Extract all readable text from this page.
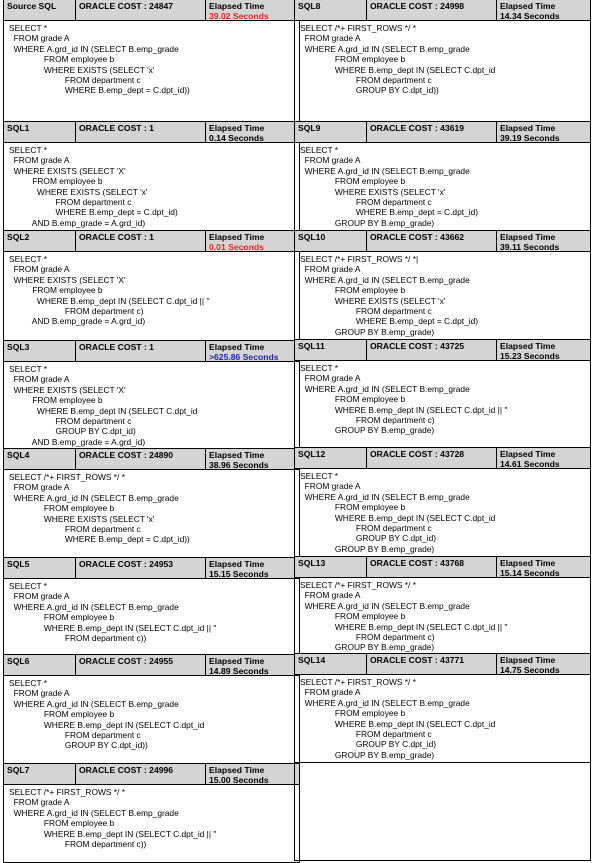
Source SQL	ORACLE COST : 24847	Elapsed Time
39.02 Seconds
SELECT *
FROM grade A
WHERE A.grd_id IN (SELECT B.emp_grade
FROM employee b
WHERE EXISTS (SELECT 'x'
FROM department c
WHERE B.emp_dept = C.dpt_id))
SQL1	ORACLE COST : 1	Elapsed Time
0.14 Seconds
SELECT *
FROM grade A
WHERE EXISTS (SELECT 'X'
FROM employee b
WHERE EXISTS (SELECT 'x'
FROM department c
WHERE B.emp_dept = C.dpt_id)
AND B.emp_grade = A.grd_id)
SQL2	ORACLE COST : 1	Elapsed Time
0.01 Seconds
SELECT *
FROM grade A
WHERE EXISTS (SELECT 'X'
FROM employee b
WHERE B.emp_dept IN (SELECT C.dpt_id || ''
FROM department c)
AND B.emp_grade = A.grd_id)
SQL3	ORACLE COST : 1	Elapsed Time
>625.86 Seconds
SELECT *
FROM grade A
WHERE EXISTS (SELECT 'X'
FROM employee b
WHERE B.emp_dept IN (SELECT C.dpt_id
FROM department c
GROUP BY C.dpt_id)
AND B.emp_grade = A.grd_id)
SQL4	ORACLE COST : 24890	Elapsed Time
38.96 Seconds
SELECT /*+ FIRST_ROWS */ *
FROM grade A
WHERE A.grd_id IN (SELECT B.emp_grade
FROM employee b
WHERE EXISTS (SELECT 'x'
FROM department c
WHERE B.emp_dept = C.dpt_id))
SQL5	ORACLE COST : 24953	Elapsed Time
15.15 Seconds
SELECT *
FROM grade A
WHERE A.grd_id IN (SELECT B.emp_grade
FROM employee b
WHERE B.emp_dept IN (SELECT C.dpt_id || ''
FROM department c))
SQL6	ORACLE COST : 24955	Elapsed Time
14.89 Seconds
SELECT *
FROM grade A
WHERE A.grd_id IN (SELECT B.emp_grade
FROM employee b
WHERE B.emp_dept IN (SELECT C.dpt_id
FROM department c
GROUP BY C.dpt_id))
SQL7	ORACLE COST : 24996	Elapsed Time
15.00 Seconds
SELECT /*+ FIRST_ROWS */ *
FROM grade A
WHERE A.grd_id IN (SELECT B.emp_grade
FROM employee b
WHERE B.emp_dept IN (SELECT C.dpt_id || ''
FROM department c))
SQL8	ORACLE COST : 24998	Elapsed Time
14.34 Seconds
SELECT /*+ FIRST_ROWS */ *
FROM grade A
WHERE A.grd_id IN (SELECT B.emp_grade
FROM employee b
WHERE B.emp_dept IN (SELECT C.dpt_id
FROM department c
GROUP BY C.dpt_id))
SQL9	ORACLE COST : 43619	Elapsed Time
39.19 Seconds
SELECT *
FROM grade A
WHERE A.grd_id IN (SELECT B.emp_grade
FROM employee b
WHERE EXISTS (SELECT 'x'
FROM department c
WHERE B.emp_dept = C.dpt_id)
GROUP BY B.emp_grade)
SQL10	ORACLE COST : 43662	Elapsed Time
39.11 Seconds
SELECT /*+ FIRST_ROWS */ *|
FROM grade A
WHERE A.grd_id IN (SELECT B.emp_grade
FROM employee b
WHERE EXISTS (SELECT 'x'
FROM department c
WHERE B.emp_dept = C.dpt_id)
GROUP BY B.emp_grade)
SQL11	ORACLE COST : 43725	Elapsed Time
15.23 Seconds
SELECT *
FROM grade A
WHERE A.grd_id IN (SELECT B.emp_grade
FROM employee b
WHERE B.emp_dept IN (SELECT C.dpt_id || ''
FROM department c)
GROUP BY B.emp_grade)
SQL12	ORACLE COST : 43728	Elapsed Time
14.61 Seconds
SELECT *
FROM grade A
WHERE A.grd_id IN (SELECT B.emp_grade
FROM employee b
WHERE B.emp_dept IN (SELECT C.dpt_id
FROM department c
GROUP BY C.dpt_id)
GROUP BY B.emp_grade)
SQL13	ORACLE COST : 43768	Elapsed Time
15.14 Seconds
SELECT /*+ FIRST_ROWS */ *
FROM grade A
WHERE A.grd_id IN (SELECT B.emp_grade
FROM employee b
WHERE B.emp_dept IN (SELECT C.dpt_id || ''
FROM department c)
GROUP BY B.emp_grade)
SQL14	ORACLE COST : 43771	Elapsed Time
14.75 Seconds
SELECT /*+ FIRST_ROWS */ *
FROM grade A
WHERE A.grd_id IN (SELECT B.emp_grade
FROM employee b
WHERE B.emp_dept IN (SELECT C.dpt_id
FROM department c
GROUP BY C.dpt_id)
GROUP BY B.emp_grade)
